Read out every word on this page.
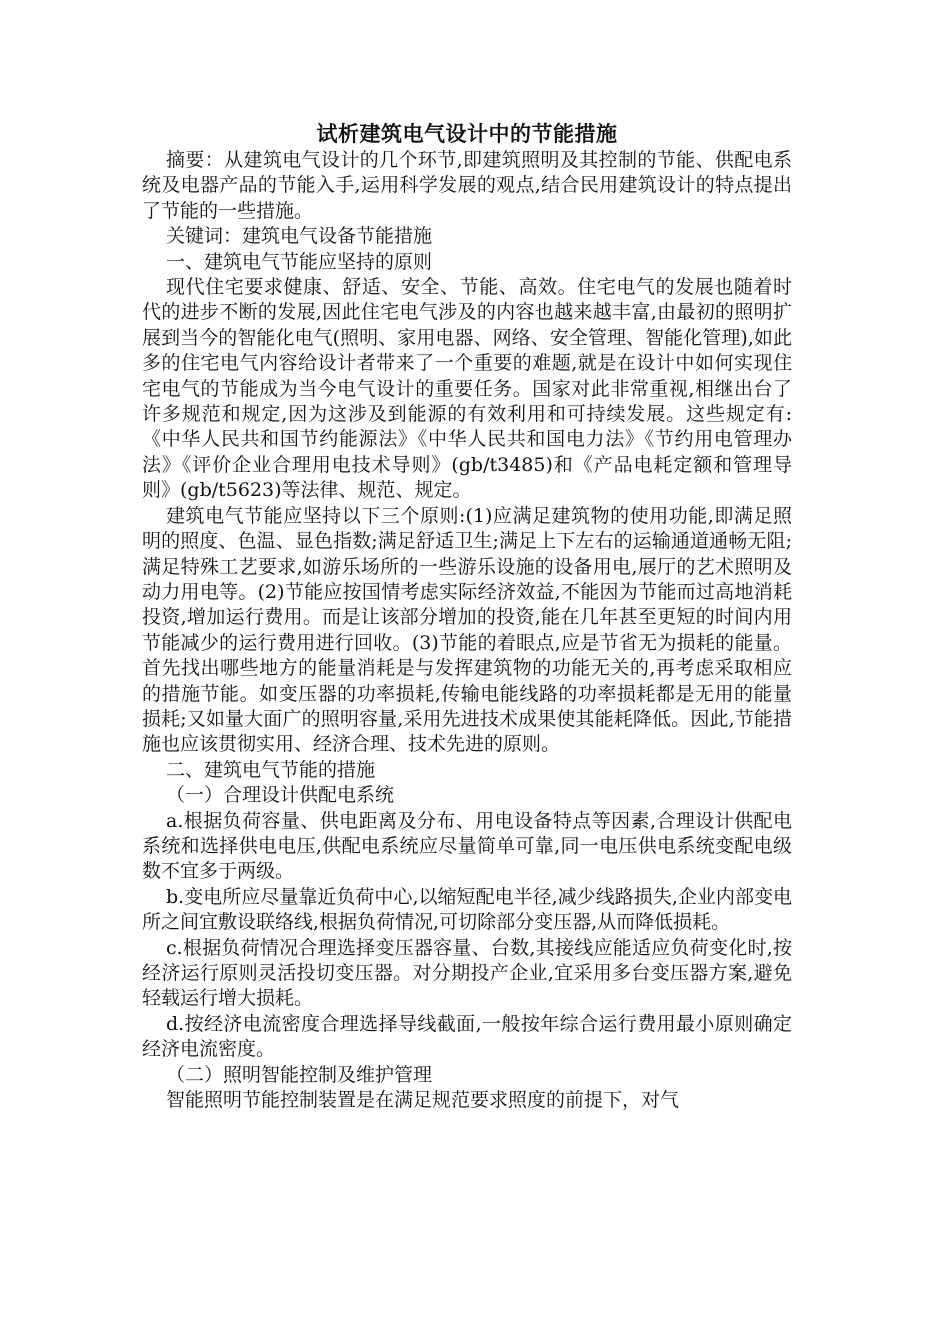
试析建筑电气设计中的节能措施

摘要：从建筑电气设计的几个环节,即建筑照明及其控制的节能、供配电系统及电器产品的节能入手,运用科学发展的观点,结合民用建筑设计的特点提出了节能的一些措施。

关键词：建筑电气设备节能措施

一、建筑电气节能应坚持的原则

现代住宅要求健康、舒适、安全、节能、高效。住宅电气的发展也随着时代的进步不断的发展,因此住宅电气涉及的内容也越来越丰富,由最初的照明扩展到当今的智能化电气(照明、家用电器、网络、安全管理、智能化管理),如此多的住宅电气内容给设计者带来了一个重要的难题,就是在设计中如何实现住宅电气的节能成为当今电气设计的重要任务。国家对此非常重视,相继出台了许多规范和规定,因为这涉及到能源的有效利用和可持续发展。这些规定有:《中华人民共和国节约能源法》《中华人民共和国电力法》《节约用电管理办法》《评价企业合理用电技术导则》(gb/t3485)和《产品电耗定额和管理导则》(gb/t5623)等法律、规范、规定。

建筑电气节能应坚持以下三个原则:(1)应满足建筑物的使用功能,即满足照明的照度、色温、显色指数;满足舒适卫生;满足上下左右的运输通道通畅无阻;满足特殊工艺要求,如游乐场所的一些游乐设施的设备用电,展厅的艺术照明及动力用电等。(2)节能应按国情考虑实际经济效益,不能因为节能而过高地消耗投资,增加运行费用。而是让该部分增加的投资,能在几年甚至更短的时间内用节能减少的运行费用进行回收。(3)节能的着眼点,应是节省无为损耗的能量。首先找出哪些地方的能量消耗是与发挥建筑物的功能无关的,再考虑采取相应的措施节能。如变压器的功率损耗,传输电能线路的功率损耗都是无用的能量损耗;又如量大面广的照明容量,采用先进技术成果使其能耗降低。因此,节能措施也应该贯彻实用、经济合理、技术先进的原则。

二、建筑电气节能的措施

（一）合理设计供配电系统

a.根据负荷容量、供电距离及分布、用电设备特点等因素,合理设计供配电系统和选择供电电压,供配电系统应尽量简单可靠,同一电压供电系统变配电级数不宜多于两级。

b.变电所应尽量靠近负荷中心,以缩短配电半径,减少线路损失,企业内部变电所之间宜敷设联络线,根据负荷情况,可切除部分变压器,从而降低损耗。

c.根据负荷情况合理选择变压器容量、台数,其接线应能适应负荷变化时,按经济运行原则灵活投切变压器。对分期投产企业,宜采用多台变压器方案,避免轻载运行增大损耗。

d.按经济电流密度合理选择导线截面,一般按年综合运行费用最小原则确定经济电流密度。

（二）照明智能控制及维护管理

智能照明节能控制装置是在满足规范要求照度的前提下，对气
